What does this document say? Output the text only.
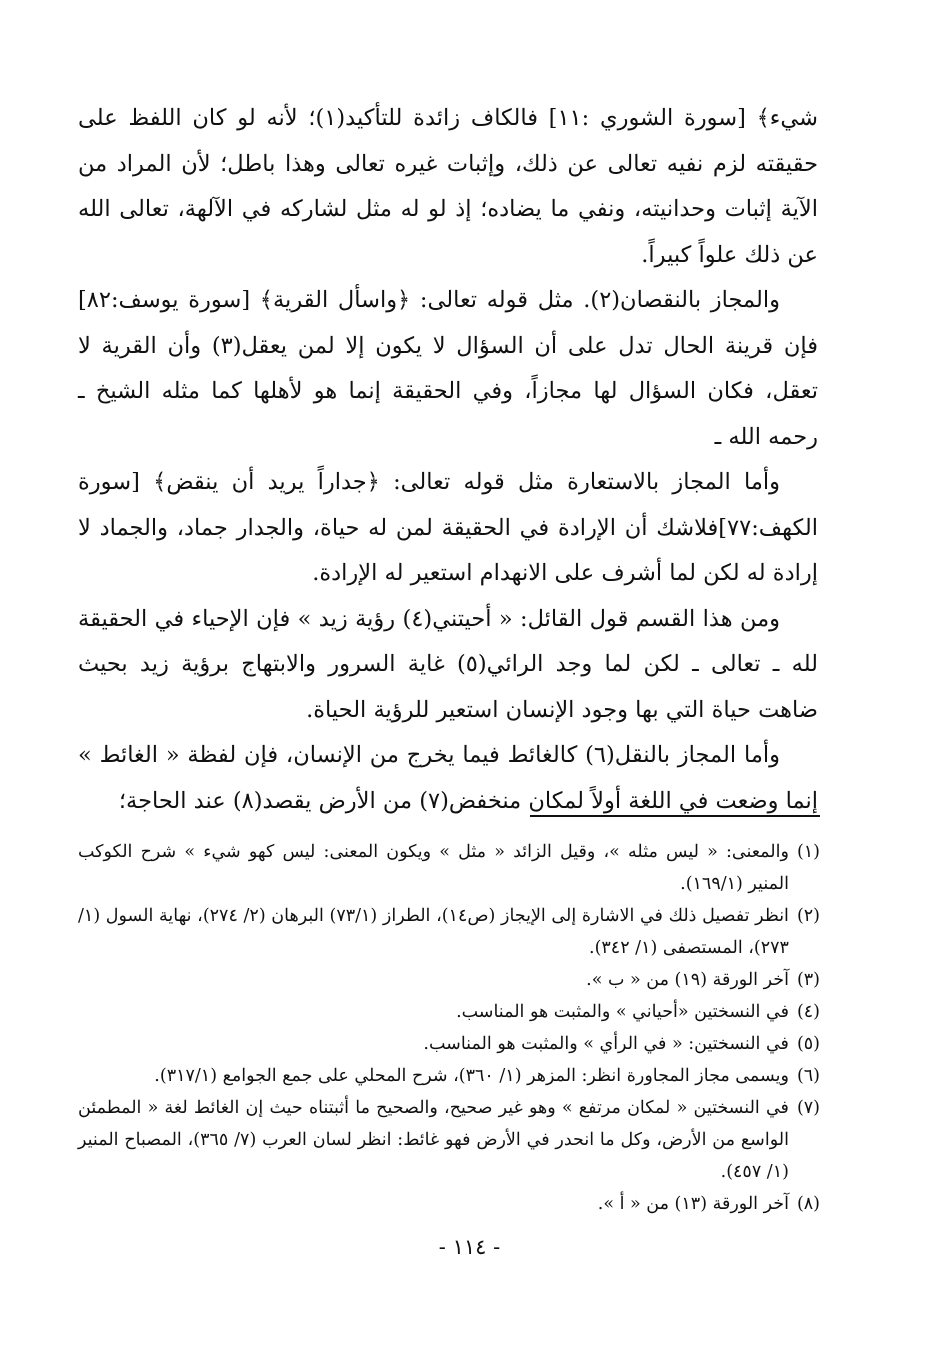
شيء﴾ [سورة الشوري :١١] فالكاف زائدة للتأكيد(١)؛ لأنه لو كان اللفظ على حقيقته لزم نفيه تعالى عن ذلك، وإثبات غيره تعالى وهذا باطل؛ لأن المراد من الآية إثبات وحدانيته، ونفي ما يضاده؛ إذ لو له مثل لشاركه في الآلهة، تعالى الله عن ذلك علواً كبيراً.

والمجاز بالنقصان(٢). مثل قوله تعالى: ﴿واسأل القرية﴾ [سورة يوسف:٨٢] فإن قرينة الحال تدل على أن السؤال لا يكون إلا لمن يعقل(٣) وأن القرية لا تعقل، فكان السؤال لها مجازاً، وفي الحقيقة إنما هو لأهلها كما مثله الشيخ ـ رحمه الله ـ

وأما المجاز بالاستعارة مثل قوله تعالى: ﴿جداراً يريد أن ينقض﴾ [سورة الكهف:٧٧]فلاشك أن الإرادة في الحقيقة لمن له حياة، والجدار جماد، والجماد لا إرادة له لكن لما أشرف على الانهدام استعير له الإرادة.

ومن هذا القسم قول القائل: « أحيتني(٤) رؤية زيد » فإن الإحياء في الحقيقة لله ـ تعالى ـ لكن لما وجد الرائي(٥) غاية السرور والابتهاج برؤية زيد بحيث ضاهت حياة التي بها وجود الإنسان استعير للرؤية الحياة.

وأما المجاز بالنقل(٦) كالغائط فيما يخرج من الإنسان، فإن لفظة « الغائط » إنما وضعت في اللغة أولاً لمكان منخفض(٧) من الأرض يقصد(٨) عند الحاجة؛

(١)
والمعنى: « ليس مثله »، وقيل الزائد « مثل » ويكون المعنى: ليس كهو شيء » شرح الكوكب المنير (١٦٩/١).
(٢)
انظر تفصيل ذلك في الاشارة إلى الإيجاز (ص١٤)، الطراز (٧٣/١) البرهان (٢/ ٢٧٤)، نهاية السول (١/ ٢٧٣)، المستصفى (١/ ٣٤٢).
(٣)
آخر الورقة (١٩) من « ب ».
(٤)
في النسختين «أحياني » والمثبت هو المناسب.
(٥)
في النسختين: « في الرأي » والمثبت هو المناسب.
(٦)
ويسمى مجاز المجاورة انظر: المزهر (١/ ٣٦٠)، شرح المحلي على جمع الجوامع (٣١٧/١).
(٧)
في النسختين « لمكان مرتفع » وهو غير صحيح، والصحيح ما أثبتناه حيث إن الغائط لغة « المطمئن الواسع من الأرض، وكل ما انحدر في الأرض فهو غائط: انظر لسان العرب (٧/ ٣٦٥)، المصباح المنير (١/ ٤٥٧).
(٨)
آخر الورقة (١٣) من « أ ».
- ١١٤ -
